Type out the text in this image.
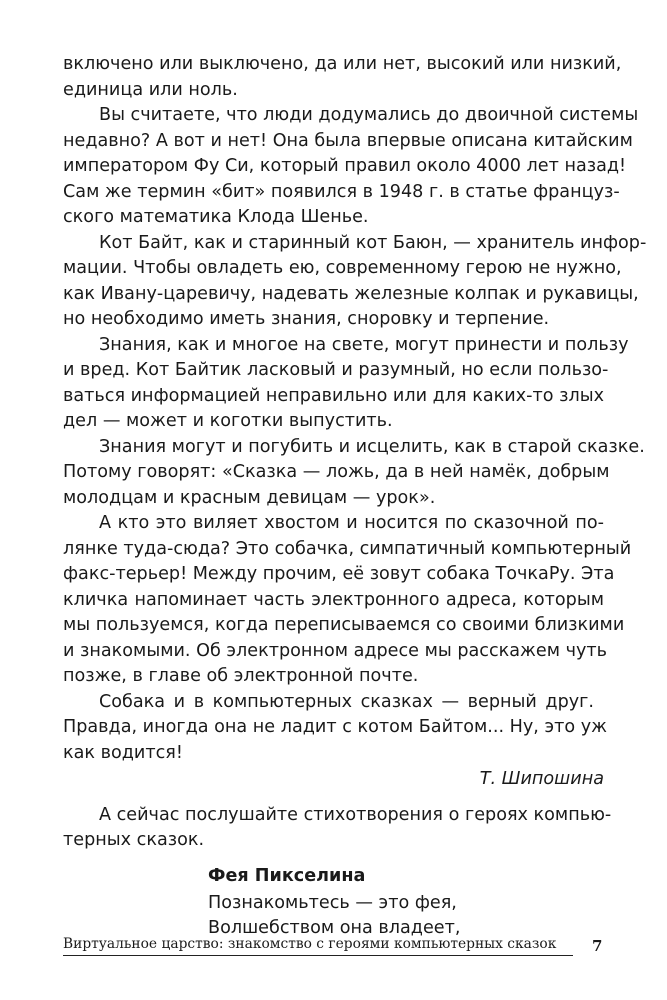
включено или выключено, да или нет, высокий или низкий,
единица или ноль.
Вы считаете, что люди додумались до двоичной системы
недавно? А вот и нет! Она была впервые описана китайским
императором Фу Си, который правил около 4000 лет назад!
Сам же термин «бит» появился в 1948 г. в статье француз-
ского математика Клода Шенье.
Кот Байт, как и старинный кот Баюн, — хранитель инфор-
мации. Чтобы овладеть ею, современному герою не нужно,
как Ивану-царевичу, надевать железные колпак и рукавицы,
но необходимо иметь знания, сноровку и терпение.
Знания, как и многое на свете, могут принести и пользу
и вред. Кот Байтик ласковый и разумный, но если пользо-
ваться информацией неправильно или для каких-то злых
дел — может и коготки выпустить.
Знания могут и погубить и исцелить, как в старой сказке.
Потому говорят: «Сказка — ложь, да в ней намёк, добрым
молодцам и красным девицам — урок».
А кто это виляет хвостом и носится по сказочной по-
лянке туда-сюда? Это собачка, симпатичный компьютерный
факс-терьер! Между прочим, её зовут собака ТочкаРу. Эта
кличка напоминает часть электронного адреса, которым
мы пользуемся, когда переписываемся со своими близкими
и знакомыми. Об электронном адресе мы расскажем чуть
позже, в главе об электронной почте.
Собака и в компьютерных сказках — верный друг.
Правда, иногда она не ладит с котом Байтом... Ну, это уж
как водится!
Т. Шипошина
А сейчас послушайте стихотворения о героях компью-
терных сказок.
Фея Пикселина
Познакомьтесь — это фея,
Волшебством она владеет,
Виртуальное царство: знакомство с героями компьютерных сказок 7
